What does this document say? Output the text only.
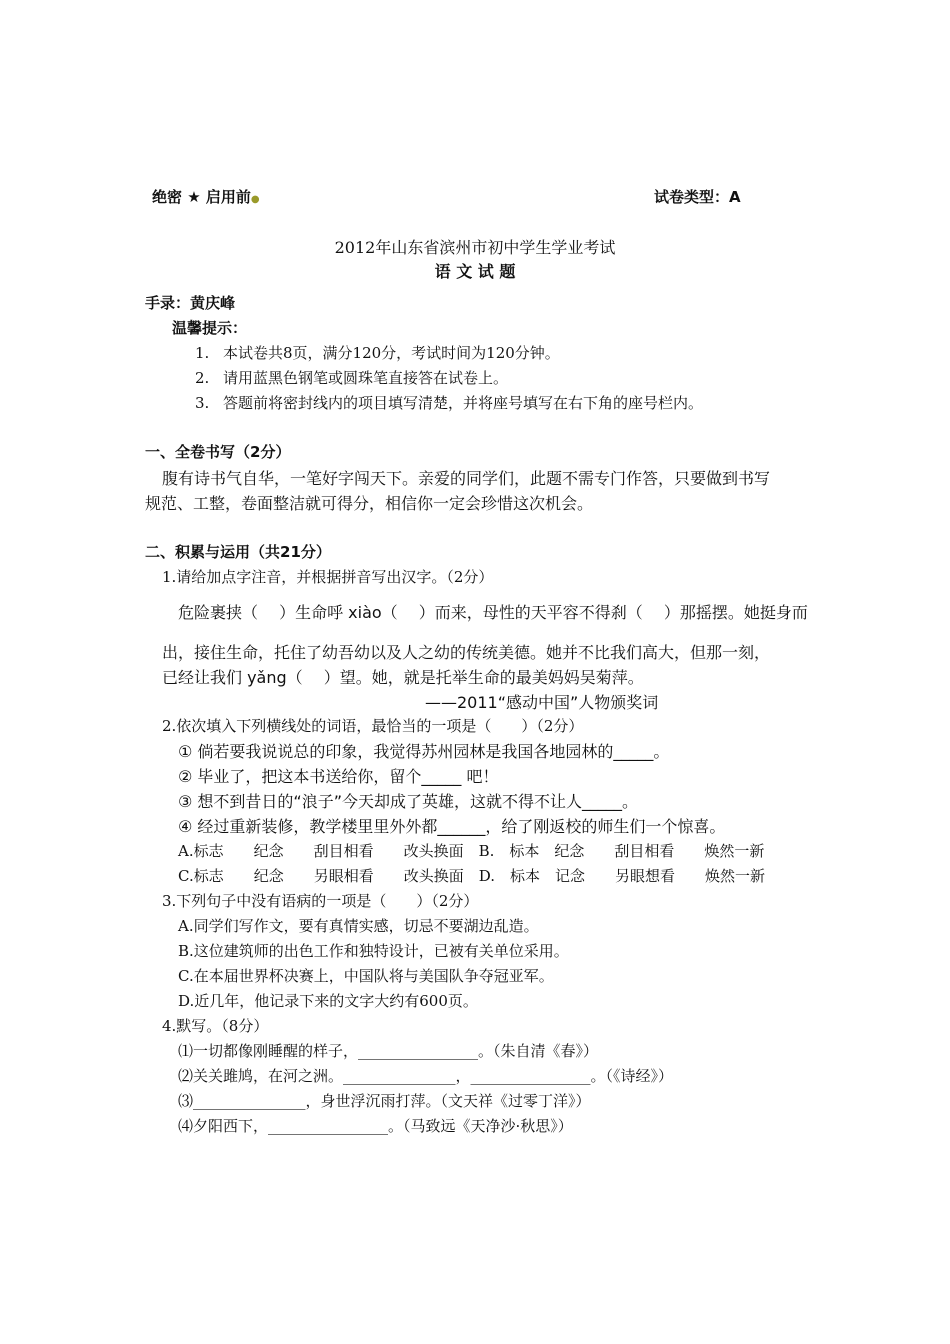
绝密 ★ 启用前●	试卷类型：A
2012年山东省滨州市初中学生学业考试
语 文 试 题
手录：黄庆峰
温馨提示：
1. 本试卷共8页，满分120分，考试时间为120分钟。
2. 请用蓝黑色钢笔或圆珠笔直接答在试卷上。
3. 答题前将密封线内的项目填写清楚，并将座号填写在右下角的座号栏内。
一、全卷书写（2分）
腹有诗书气自华，一笔好字闯天下。亲爱的同学们，此题不需专门作答，只要做到书写
规范、工整，卷面整洁就可得分，相信你一定会珍惜这次机会。
二、积累与运用（共21分）
1.请给加点字注音，并根据拼音写出汉字。（2分）
危险裹挟（　 ）生命呼 xiào（　 ）而来，母性的天平容不得刹（　 ）那摇摆。她挺身而
出，接住生命，托住了幼吾幼以及人之幼的传统美德。她并不比我们高大，但那一刻，
已经让我们 yǎng（　 ）望。她，就是托举生命的最美妈妈吴菊萍。
——2011“感动中国”人物颁奖词
2.依次填入下列横线处的词语，最恰当的一项是（　　）（2分）
① 倘若要我说说总的印象，我觉得苏州园林是我国各地园林的_____。
② 毕业了，把这本书送给你，留个_____ 吧！
③ 想不到昔日的“浪子”今天却成了英雄，这就不得不让人_____。
④ 经过重新装修，教学楼里里外外都______，给了刚返校的师生们一个惊喜。
A.标志　　纪念　　刮目相看　　改头换面　B.　标本　纪念　　刮目相看　　焕然一新
C.标志　　纪念　　另眼相看　　改头换面　D.　标本　记念　　另眼想看　　焕然一新
3.下列句子中没有语病的一项是（　　）（2分）
A.同学们写作文，要有真情实感，切忌不要湖边乱造。
B.这位建筑师的出色工作和独特设计，已被有关单位采用。
C.在本届世界杯决赛上，中国队将与美国队争夺冠亚军。
D.近几年，他记录下来的文字大约有600页。
4.默写。（8分）
⑴一切都像刚睡醒的样子，________________。（朱自清《春》）
⑵关关雎鸠，在河之洲。_______________，________________。（《诗经》）
⑶_______________，身世浮沉雨打萍。（文天祥《过零丁洋》）
⑷夕阳西下，________________。（马致远《天净沙·秋思》）
